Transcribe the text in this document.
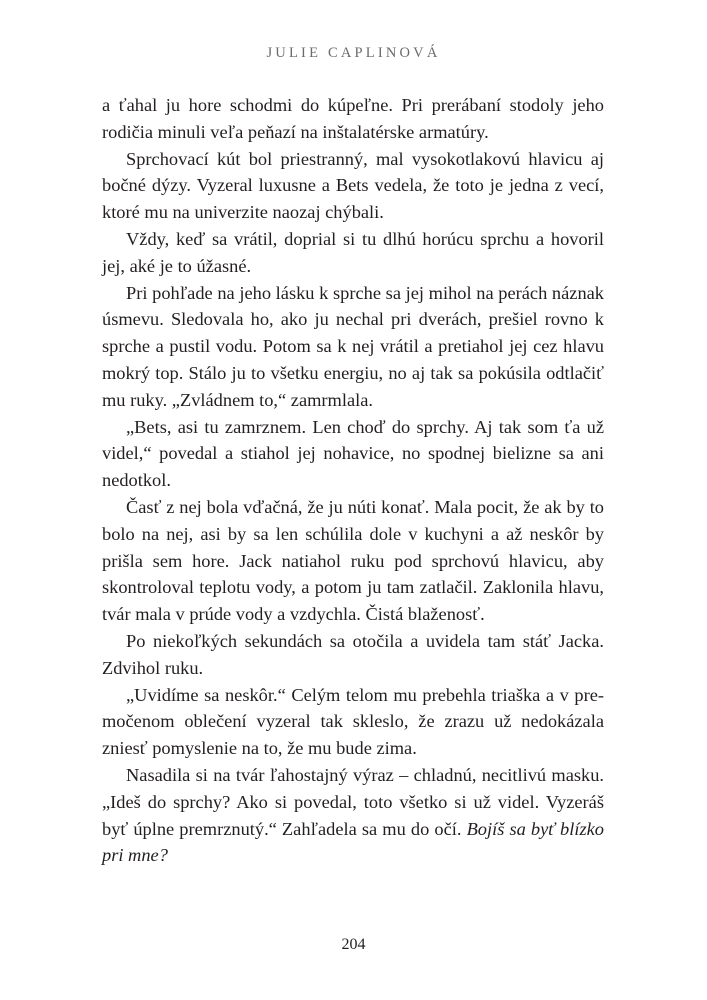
JULIE CAPLINOVÁ

a ťahal ju hore schodmi do kúpeľne. Pri prerábaní stodoly jeho rodičia minuli veľa peňazí na inštalatérske armatúry.

Sprchovací kút bol priestranný, mal vysokotlakovú hlavicu aj bočné dýzy. Vyzeral luxusne a Bets vedela, že toto je jedna z vecí, ktoré mu na univerzite naozaj chýbali.

Vždy, keď sa vrátil, doprial si tu dlhú horúcu sprchu a hovoril jej, aké je to úžasné.

Pri pohľade na jeho lásku k sprche sa jej mihol na perách náznak úsmevu. Sledovala ho, ako ju nechal pri dverách, prešiel rovno k sprche a pustil vodu. Potom sa k nej vrátil a pretiahol jej cez hlavu mokrý top. Stálo ju to všetku energiu, no aj tak sa pokúsila odtlačiť mu ruky. „Zvládnem to,“ zamrmlala.

„Bets, asi tu zamrznem. Len choď do sprchy. Aj tak som ťa už videl,“ povedal a stiahol jej nohavice, no spodnej bielizne sa ani nedotkol.

Časť z nej bola vďačná, že ju núti konať. Mala pocit, že ak by to bolo na nej, asi by sa len schúlila dole v kuchyni a až neskôr by prišla sem hore. Jack natiahol ruku pod sprchovú hlavicu, aby skontroloval teplotu vody, a potom ju tam zatlačil. Zaklonila hlavu, tvár mala v prúde vody a vzdychla. Čistá blaženosť.

Po niekoľkých sekundách sa otočila a uvidela tam stáť Jacka. Zdvihol ruku.

„Uvidíme sa neskôr.“ Celým telom mu prebehla triaška a v premočenom oblečení vyzeral tak skleslo, že zrazu už nedokázala zniesť pomyslenie na to, že mu bude zima.

Nasadila si na tvár ľahostajný výraz – chladnú, necitlivú masku. „Ideš do sprchy? Ako si povedal, toto všetko si už videl. Vyzeráš byť úplne premrznutý.“ Zahľadela sa mu do očí. Bojíš sa byť blízko pri mne?

204
